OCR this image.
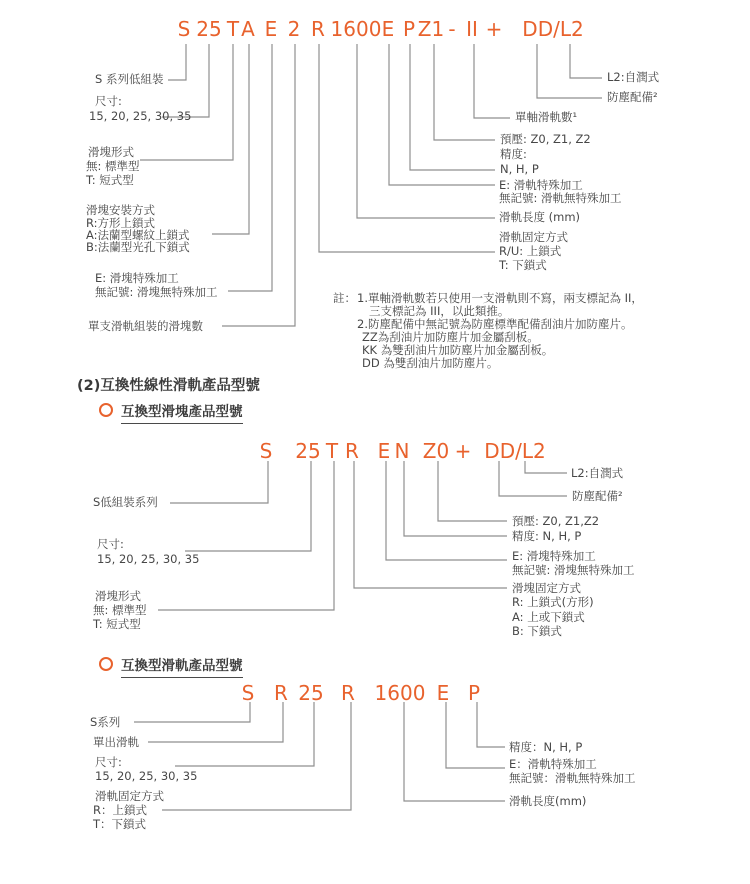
S 25 T A E 2 R 1600 E P Z1 - II + DD/L2
S 系列低組裝
尺寸:
15, 20, 25, 30, 35
滑塊形式
無: 標準型
T: 短式型
滑塊安裝方式
R:方形上鎖式
A:法蘭型螺紋上鎖式
B:法蘭型光孔下鎖式
E: 滑塊特殊加工
無記號: 滑塊無特殊加工
單支滑軌組裝的滑塊數
L2:自潤式
防塵配備²
單軸滑軌數¹
預壓: Z0, Z1, Z2
精度:
N, H, P
E: 滑軌特殊加工
無記號: 滑軌無特殊加工
滑軌長度 (mm)
滑軌固定方式
R/U: 上鎖式
T: 下鎖式
註： 1.單軸滑軌數若只使用一支滑軌則不寫，兩支標記為 II，
三支標記為 III，以此類推。
2.防塵配備中無記號為防塵標準配備刮油片加防塵片。
ZZ為刮油片加防塵片加金屬刮板。
KK 為雙刮油片加防塵片加金屬刮板。
DD 為雙刮油片加防塵片。
(2)互換性線性滑軌產品型號
互換型滑塊產品型號
S 25 T R E N Z0 + DD/L2
S低組裝系列
尺寸:
15, 20, 25, 30, 35
滑塊形式
無: 標準型
T: 短式型
L2:自潤式
防塵配備²
預壓: Z0, Z1,Z2
精度: N, H, P
E: 滑塊特殊加工
無記號: 滑塊無特殊加工
滑塊固定方式
R: 上鎖式(方形)
A: 上或下鎖式
B: 下鎖式
互換型滑軌產品型號
S R 25 R 1600 E P
S系列
單出滑軌
尺寸:
15, 20, 25, 30, 35
滑軌固定方式
R：上鎖式
T：下鎖式
精度：N, H, P
E：滑軌特殊加工
無記號：滑軌無特殊加工
滑軌長度(mm)
